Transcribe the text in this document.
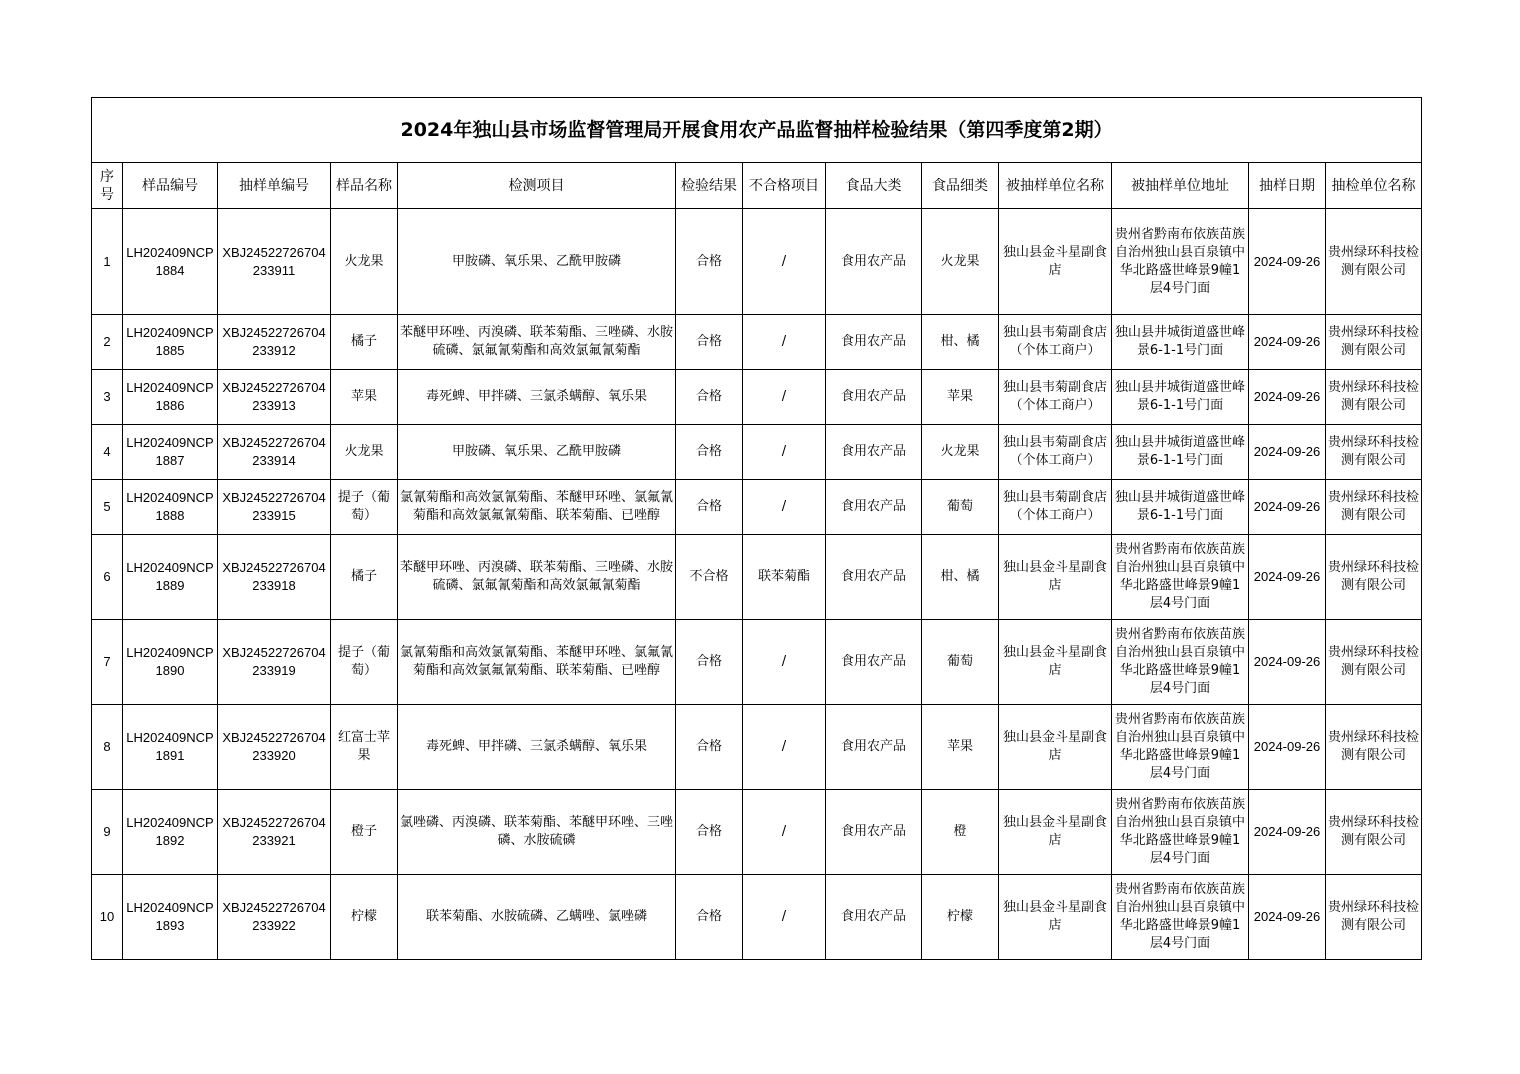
2024年独山县市场监督管理局开展食用农产品监督抽样检验结果（第四季度第2期）												
序号	样品编号	抽样单编号	样品名称	检测项目	检验结果	不合格项目	食品大类	食品细类	被抽样单位名称	被抽样单位地址	抽样日期	抽检单位名称
1	LH202409NCP1884	XBJ24522726704233911	火龙果	甲胺磷、氧乐果、乙酰甲胺磷	合格	/	食用农产品	火龙果	独山县金斗星副食店	贵州省黔南布依族苗族自治州独山县百泉镇中华北路盛世峰景9幢1层4号门面	2024-09-26	贵州绿环科技检测有限公司
2	LH202409NCP1885	XBJ24522726704233912	橘子	苯醚甲环唑、丙溴磷、联苯菊酯、三唑磷、水胺硫磷、氯氟氰菊酯和高效氯氟氰菊酯	合格	/	食用农产品	柑、橘	独山县韦菊副食店（个体工商户）	独山县井城街道盛世峰景6-1-1号门面	2024-09-26	贵州绿环科技检测有限公司
3	LH202409NCP1886	XBJ24522726704233913	苹果	毒死蜱、甲拌磷、三氯杀螨醇、氧乐果	合格	/	食用农产品	苹果	独山县韦菊副食店（个体工商户）	独山县井城街道盛世峰景6-1-1号门面	2024-09-26	贵州绿环科技检测有限公司
4	LH202409NCP1887	XBJ24522726704233914	火龙果	甲胺磷、氧乐果、乙酰甲胺磷	合格	/	食用农产品	火龙果	独山县韦菊副食店（个体工商户）	独山县井城街道盛世峰景6-1-1号门面	2024-09-26	贵州绿环科技检测有限公司
5	LH202409NCP1888	XBJ24522726704233915	提子（葡萄）	氯氰菊酯和高效氯氰菊酯、苯醚甲环唑、氯氟氰菊酯和高效氯氟氰菊酯、联苯菊酯、已唑醇	合格	/	食用农产品	葡萄	独山县韦菊副食店（个体工商户）	独山县井城街道盛世峰景6-1-1号门面	2024-09-26	贵州绿环科技检测有限公司
6	LH202409NCP1889	XBJ24522726704233918	橘子	苯醚甲环唑、丙溴磷、联苯菊酯、三唑磷、水胺硫磷、氯氟氰菊酯和高效氯氟氰菊酯	不合格	联苯菊酯	食用农产品	柑、橘	独山县金斗星副食店	贵州省黔南布依族苗族自治州独山县百泉镇中华北路盛世峰景9幢1层4号门面	2024-09-26	贵州绿环科技检测有限公司
7	LH202409NCP1890	XBJ24522726704233919	提子（葡萄）	氯氰菊酯和高效氯氰菊酯、苯醚甲环唑、氯氟氰菊酯和高效氯氟氰菊酯、联苯菊酯、已唑醇	合格	/	食用农产品	葡萄	独山县金斗星副食店	贵州省黔南布依族苗族自治州独山县百泉镇中华北路盛世峰景9幢1层4号门面	2024-09-26	贵州绿环科技检测有限公司
8	LH202409NCP1891	XBJ24522726704233920	红富士苹果	毒死蜱、甲拌磷、三氯杀螨醇、氧乐果	合格	/	食用农产品	苹果	独山县金斗星副食店	贵州省黔南布依族苗族自治州独山县百泉镇中华北路盛世峰景9幢1层4号门面	2024-09-26	贵州绿环科技检测有限公司
9	LH202409NCP1892	XBJ24522726704233921	橙子	氯唑磷、丙溴磷、联苯菊酯、苯醚甲环唑、三唑磷、水胺硫磷	合格	/	食用农产品	橙	独山县金斗星副食店	贵州省黔南布依族苗族自治州独山县百泉镇中华北路盛世峰景9幢1层4号门面	2024-09-26	贵州绿环科技检测有限公司
10	LH202409NCP1893	XBJ24522726704233922	柠檬	联苯菊酯、水胺硫磷、乙螨唑、氯唑磷	合格	/	食用农产品	柠檬	独山县金斗星副食店	贵州省黔南布依族苗族自治州独山县百泉镇中华北路盛世峰景9幢1层4号门面	2024-09-26	贵州绿环科技检测有限公司
